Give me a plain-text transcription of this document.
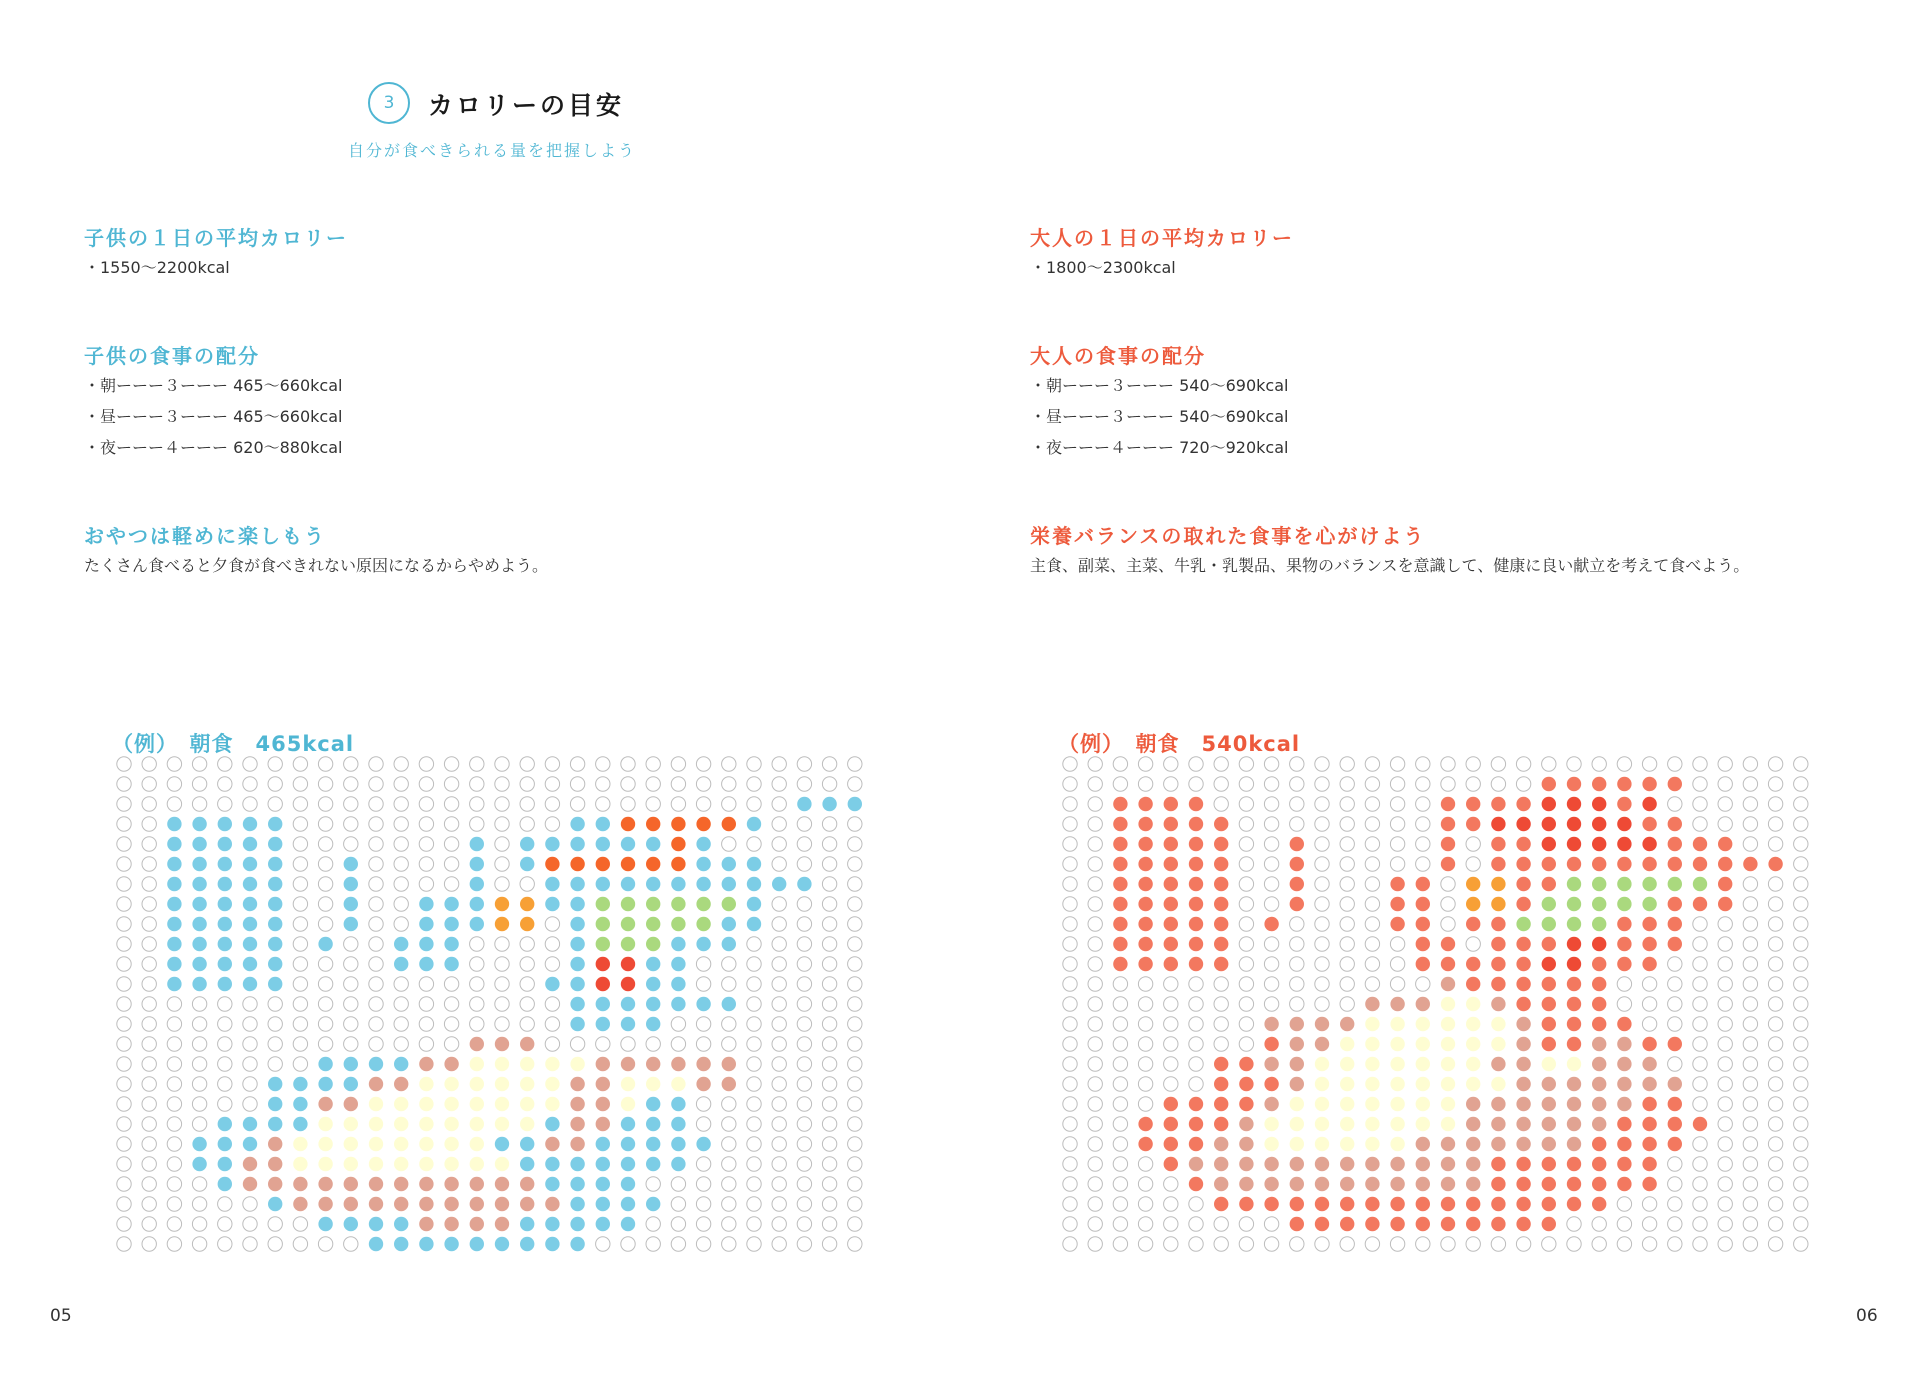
3 カロリーの目安
自分が食べきられる量を把握しよう
子供の１日の平均カロリー
・1550〜2200kcal
子供の食事の配分
・朝ーーー３ーーー 465〜660kcal
・昼ーーー３ーーー 465〜660kcal
・夜ーーー４ーーー 620〜880kcal
おやつは軽めに楽しもう
たくさん食べると夕食が食べきれない原因になるからやめよう。
（例）　朝食　465kcal
05
大人の１日の平均カロリー
・1800〜2300kcal
大人の食事の配分
・朝ーーー３ーーー 540〜690kcal
・昼ーーー３ーーー 540〜690kcal
・夜ーーー４ーーー 720〜920kcal
栄養バランスの取れた食事を心がけよう
主食、副菜、主菜、牛乳・乳製品、果物のバランスを意識して、健康に良い献立を考えて食べよう。
（例）　朝食　540kcal
06
